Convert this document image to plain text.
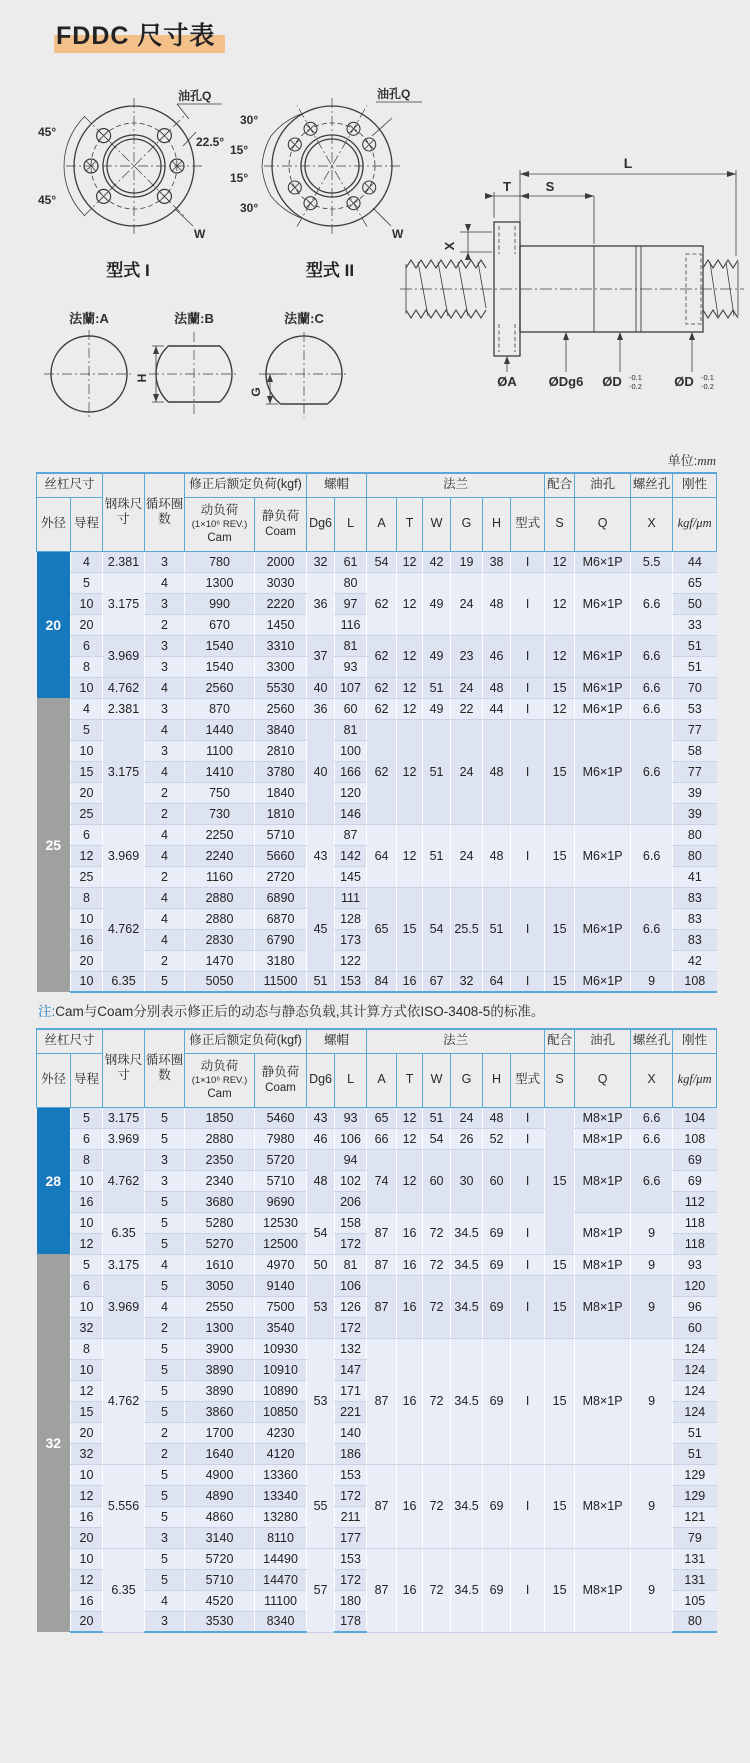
FDDC 尺寸表
45°
45°
22.5°
油孔Q
W
30°
15°
15°
30°
油孔Q
W
型式 I	型式 II
L
T	S
X
ØA ØDg6 ØD -0.1
-0.2 ØD -0.1
-0.2
法蘭:A	法蘭:B	法蘭:C
H
G
单位:mm
丝杠尺寸		钢珠尺寸	循环圈数	修正后额定负荷(kgf)		螺帽		法兰						配合	油孔	螺丝孔	刚性
外径	导程			动负荷
(1×10⁶ REV.)
Cam	静负荷
Coam	Dg6	L	A	T	W	G	H	型式	S	Q	X	kgf/μm
20	4	2.381	3	780	2000	32	61	54	12	42	19	38	I	12	M6×1P	5.5	44
	5	3.175	4	1300	3030	36	80	62	12	49	24	48	I	12	M6×1P	6.6	65
	10		3	990	2220		97										50
	20		2	670	1450		116										33
	6	3.969	3	1540	3310	37	81	62	12	49	23	46	I	12	M6×1P	6.6	51
	8		3	1540	3300		93										51
	10	4.762	4	2560	5530	40	107	62	12	51	24	48	I	15	M6×1P	6.6	70
25	4	2.381	3	870	2560	36	60	62	12	49	22	44	I	12	M6×1P	6.6	53
	5	3.175	4	1440	3840	40	81	62	12	51	24	48	I	15	M6×1P	6.6	77
	10		3	1100	2810		100										58
	15		4	1410	3780		166										77
	20		2	750	1840		120										39
	25		2	730	1810		146										39
	6	3.969	4	2250	5710	43	87	64	12	51	24	48	I	15	M6×1P	6.6	80
	12		4	2240	5660		142										80
	25		2	1160	2720		145										41
	8	4.762	4	2880	6890	45	111	65	15	54	25.5	51	I	15	M6×1P	6.6	83
	10		4	2880	6870		128										83
	16		4	2830	6790		173										83
	20		2	1470	3180		122										42
	10	6.35	5	5050	11500	51	153	84	16	67	32	64	I	15	M6×1P	9	108
注:Cam与Coam分别表示修正后的动态与静态负载,其计算方式依ISO-3408-5的标准。
丝杠尺寸		钢珠尺寸	循环圈数	修正后额定负荷(kgf)		螺帽		法兰						配合	油孔	螺丝孔	刚性
外径	导程			动负荷
(1×10⁶ REV.)
Cam	静负荷
Coam	Dg6	L	A	T	W	G	H	型式	S	Q	X	kgf/μm
28	5	3.175	5	1850	5460	43	93	65	12	51	24	48	I	15	M8×1P	6.6	104
	6	3.969	5	2880	7980	46	106	66	12	54	26	52	I		M8×1P	6.6	108
	8	4.762	3	2350	5720	48	94	74	12	60	30	60	I		M8×1P	6.6	69
	10		3	2340	5710		102										69
	16		5	3680	9690		206										112
	10	6.35	5	5280	12530	54	158	87	16	72	34.5	69	I		M8×1P	9	118
	12		5	5270	12500		172										118
32	5	3.175	4	1610	4970	50	81	87	16	72	34.5	69	I	15	M8×1P	9	93
	6	3.969	5	3050	9140	53	106	87	16	72	34.5	69	I	15	M8×1P	9	120
	10		4	2550	7500		126										96
	32		2	1300	3540		172										60
	8	4.762	5	3900	10930	53	132	87	16	72	34.5	69	I	15	M8×1P	9	124
	10		5	3890	10910		147										124
	12		5	3890	10890		171										124
	15		5	3860	10850		221										124
	20		2	1700	4230		140										51
	32		2	1640	4120		186										51
	10	5.556	5	4900	13360	55	153	87	16	72	34.5	69	I	15	M8×1P	9	129
	12		5	4890	13340		172										129
	16		5	4860	13280		211										121
	20		3	3140	8110		177										79
	10	6.35	5	5720	14490	57	153	87	16	72	34.5	69	I	15	M8×1P	9	131
	12		5	5710	14470		172										131
	16		4	4520	11100		180										105
	20		3	3530	8340		178										80
